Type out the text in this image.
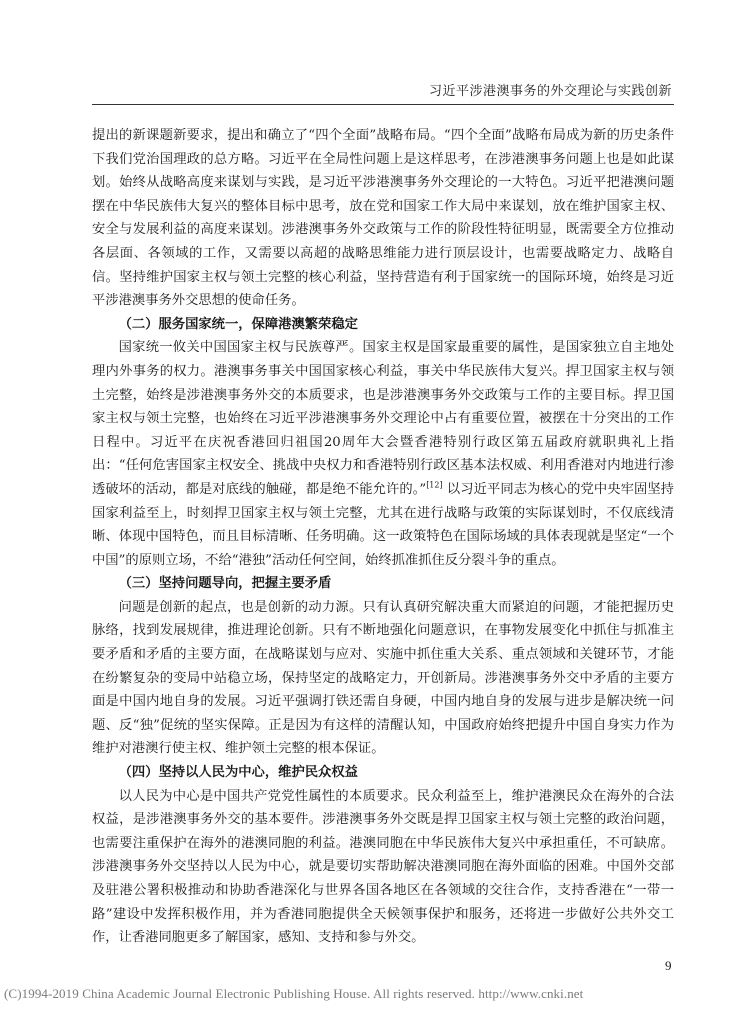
习近平涉港澳事务的外交理论与实践创新

提出的新课题新要求，提出和确立了“四个全面”战略布局。“四个全面”战略布局成为新的历史条件下我们党治国理政的总方略。习近平在全局性问题上是这样思考，在涉港澳事务问题上也是如此谋划。始终从战略高度来谋划与实践，是习近平涉港澳事务外交理论的一大特色。习近平把港澳问题摆在中华民族伟大复兴的整体目标中思考，放在党和国家工作大局中来谋划，放在维护国家主权、安全与发展利益的高度来谋划。涉港澳事务外交政策与工作的阶段性特征明显，既需要全方位推动各层面、各领域的工作，又需要以高超的战略思维能力进行顶层设计，也需要战略定力、战略自信。坚持维护国家主权与领土完整的核心利益，坚持营造有利于国家统一的国际环境，始终是习近平涉港澳事务外交思想的使命任务。

（二）服务国家统一，保障港澳繁荣稳定

国家统一攸关中国国家主权与民族尊严。国家主权是国家最重要的属性，是国家独立自主地处理内外事务的权力。港澳事务事关中国国家核心利益，事关中华民族伟大复兴。捍卫国家主权与领土完整，始终是涉港澳事务外交的本质要求，也是涉港澳事务外交政策与工作的主要目标。捍卫国家主权与领土完整，也始终在习近平涉港澳事务外交理论中占有重要位置，被摆在十分突出的工作日程中。习近平在庆祝香港回归祖国20周年大会暨香港特别行政区第五届政府就职典礼上指出：“任何危害国家主权安全、挑战中央权力和香港特别行政区基本法权威、利用香港对内地进行渗透破坏的活动，都是对底线的触碰，都是绝不能允许的。”[12] 以习近平同志为核心的党中央牢固坚持国家利益至上，时刻捍卫国家主权与领土完整，尤其在进行战略与政策的实际谋划时，不仅底线清晰、体现中国特色，而且目标清晰、任务明确。这一政策特色在国际场域的具体表现就是坚定“一个中国”的原则立场，不给“港独”活动任何空间，始终抓准抓住反分裂斗争的重点。

（三）坚持问题导向，把握主要矛盾

问题是创新的起点，也是创新的动力源。只有认真研究解决重大而紧迫的问题，才能把握历史脉络，找到发展规律，推进理论创新。只有不断地强化问题意识，在事物发展变化中抓住与抓准主要矛盾和矛盾的主要方面，在战略谋划与应对、实施中抓住重大关系、重点领域和关键环节，才能在纷繁复杂的变局中站稳立场，保持坚定的战略定力，开创新局。涉港澳事务外交中矛盾的主要方面是中国内地自身的发展。习近平强调打铁还需自身硬，中国内地自身的发展与进步是解决统一问题、反“独”促统的坚实保障。正是因为有这样的清醒认知，中国政府始终把提升中国自身实力作为维护对港澳行使主权、维护领土完整的根本保证。

（四）坚持以人民为中心，维护民众权益

以人民为中心是中国共产党党性属性的本质要求。民众利益至上，维护港澳民众在海外的合法权益，是涉港澳事务外交的基本要件。涉港澳事务外交既是捍卫国家主权与领土完整的政治问题，也需要注重保护在海外的港澳同胞的利益。港澳同胞在中华民族伟大复兴中承担重任，不可缺席。涉港澳事务外交坚持以人民为中心，就是要切实帮助解决港澳同胞在海外面临的困难。中国外交部及驻港公署积极推动和协助香港深化与世界各国各地区在各领域的交往合作，支持香港在“一带一路”建设中发挥积极作用，并为香港同胞提供全天候领事保护和服务，还将进一步做好公共外交工作，让香港同胞更多了解国家，感知、支持和参与外交。

9
(C)1994-2019 China Academic Journal Electronic Publishing House. All rights reserved. http://www.cnki.net
